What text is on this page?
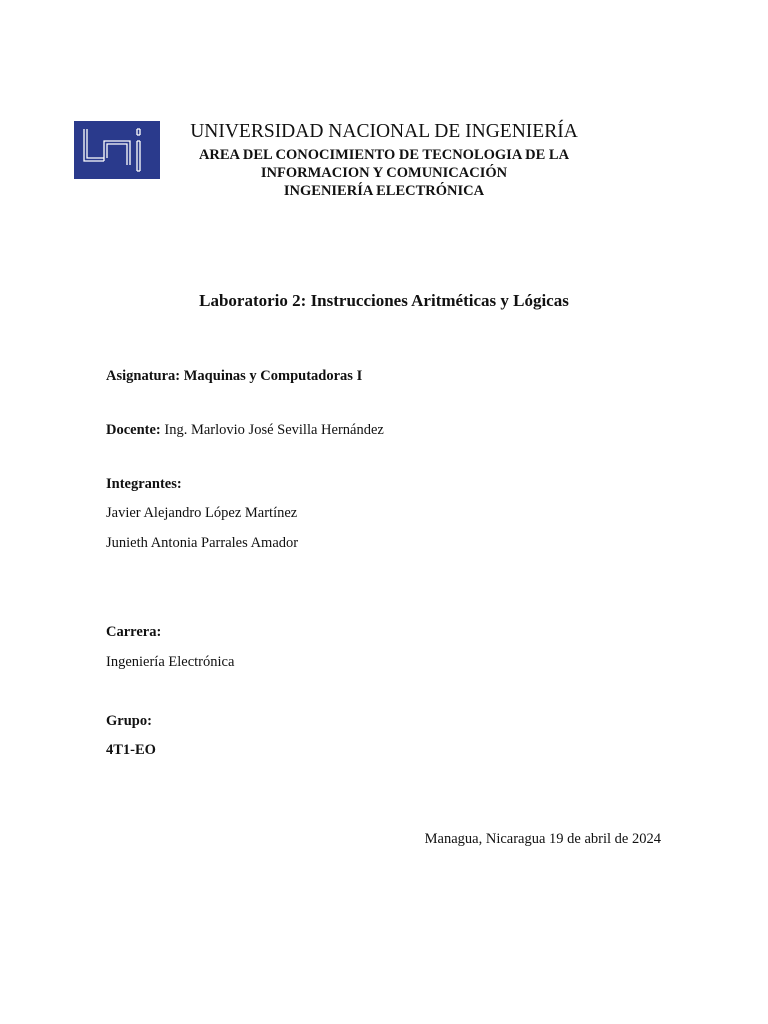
UNIVERSIDAD NACIONAL DE INGENIERÍA
AREA DEL CONOCIMIENTO DE TECNOLOGIA DE LA
INFORMACION Y COMUNICACIÓN
INGENIERÍA ELECTRÓNICA
Laboratorio 2: Instrucciones Aritméticas y Lógicas
Asignatura: Maquinas y Computadoras I
Docente: Ing. Marlovio José Sevilla Hernández
Integrantes:
Javier Alejandro López Martínez
Junieth Antonia Parrales Amador
Carrera:
Ingeniería Electrónica
Grupo:
4T1-EO
Managua, Nicaragua 19 de abril de 2024
